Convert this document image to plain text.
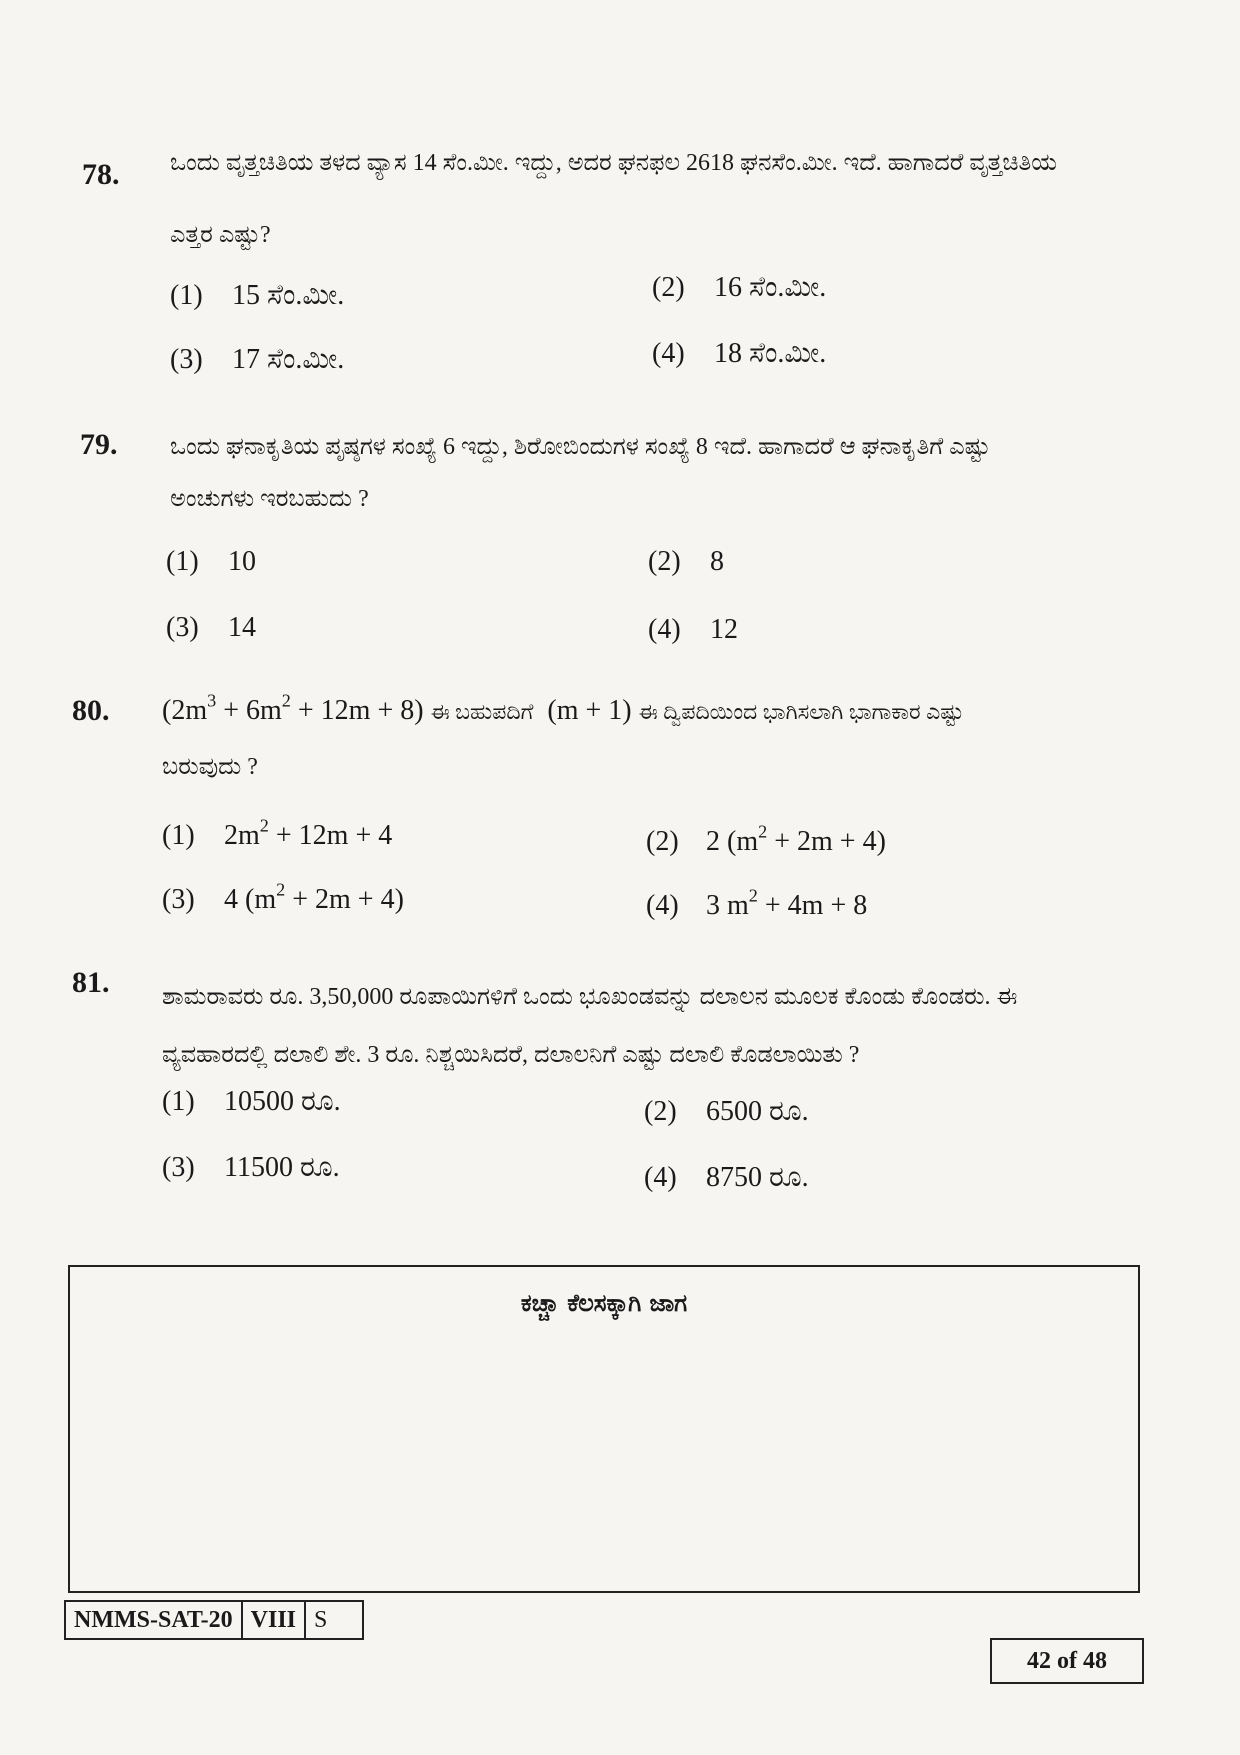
78. ಒಂದು ವೃತ್ತಚಿತಿಯ ತಳದ ವ್ಯಾಸ 14 ಸೆಂ.ಮೀ. ಇದ್ದು, ಅದರ ಘನಫಲ 2618 ಘನಸೆಂ.ಮೀ. ಇದೆ. ಹಾಗಾದರೆ ವೃತ್ತಚಿತಿಯ
ಎತ್ತರ ಎಷ್ಟು?
(1) 15 ಸೆಂ.ಮೀ.	(2) 16 ಸೆಂ.ಮೀ.
(3) 17 ಸೆಂ.ಮೀ.	(4) 18 ಸೆಂ.ಮೀ.
79. ಒಂದು ಘನಾಕೃತಿಯ ಪೃಷ್ಠಗಳ ಸಂಖ್ಯೆ 6 ಇದ್ದು, ಶಿರೋಬಿಂದುಗಳ ಸಂಖ್ಯೆ 8 ಇದೆ. ಹಾಗಾದರೆ ಆ ಘನಾಕೃತಿಗೆ ಎಷ್ಟು
ಅಂಚುಗಳು ಇರಬಹುದು ?
(1) 10	(2) 8
(3) 14	(4) 12
80. $(2m^3 + 6m^2 + 12m + 8)$ ಈ ಬಹುಪದಿಗೆ (m + 1) ಈ ದ್ವಿಪದಿಯಿಂದ ಭಾಗಿಸಲಾಗಿ ಭಾಗಾಕಾರ ಎಷ್ಟು
ಬರುವುದು ?
(1) $2m^2 + 12m + 4$	(2) 2 $(m^2 + 2m + 4)$
(3) 4 $(m^2 + 2m + 4)$	(4) 3 $m^2 + 4m + 8$
81. ಶಾಮರಾವರು ರೂ. 3,50,000 ರೂಪಾಯಿಗಳಿಗೆ ಒಂದು ಭೂಖಂಡವನ್ನು ದಲಾಲನ ಮೂಲಕ ಕೊಂಡು ಕೊಂಡರು. ಈ
ವ್ಯವಹಾರದಲ್ಲಿ ದಲಾಲಿ ಶೇ. 3 ರೂ. ನಿಶ್ಚಯಿಸಿದರೆ, ದಲಾಲನಿಗೆ ಎಷ್ಟು ದಲಾಲಿ ಕೊಡಲಾಯಿತು ?
(1) 10500 ರೂ.	(2) 6500 ರೂ.
(3) 11500 ರೂ.	(4) 8750 ರೂ.
ಕಚ್ಚಾ ಕೆಲಸಕ್ಕಾಗಿ ಜಾಗ
NMMS-SAT-20 VIII S
42 of 48
